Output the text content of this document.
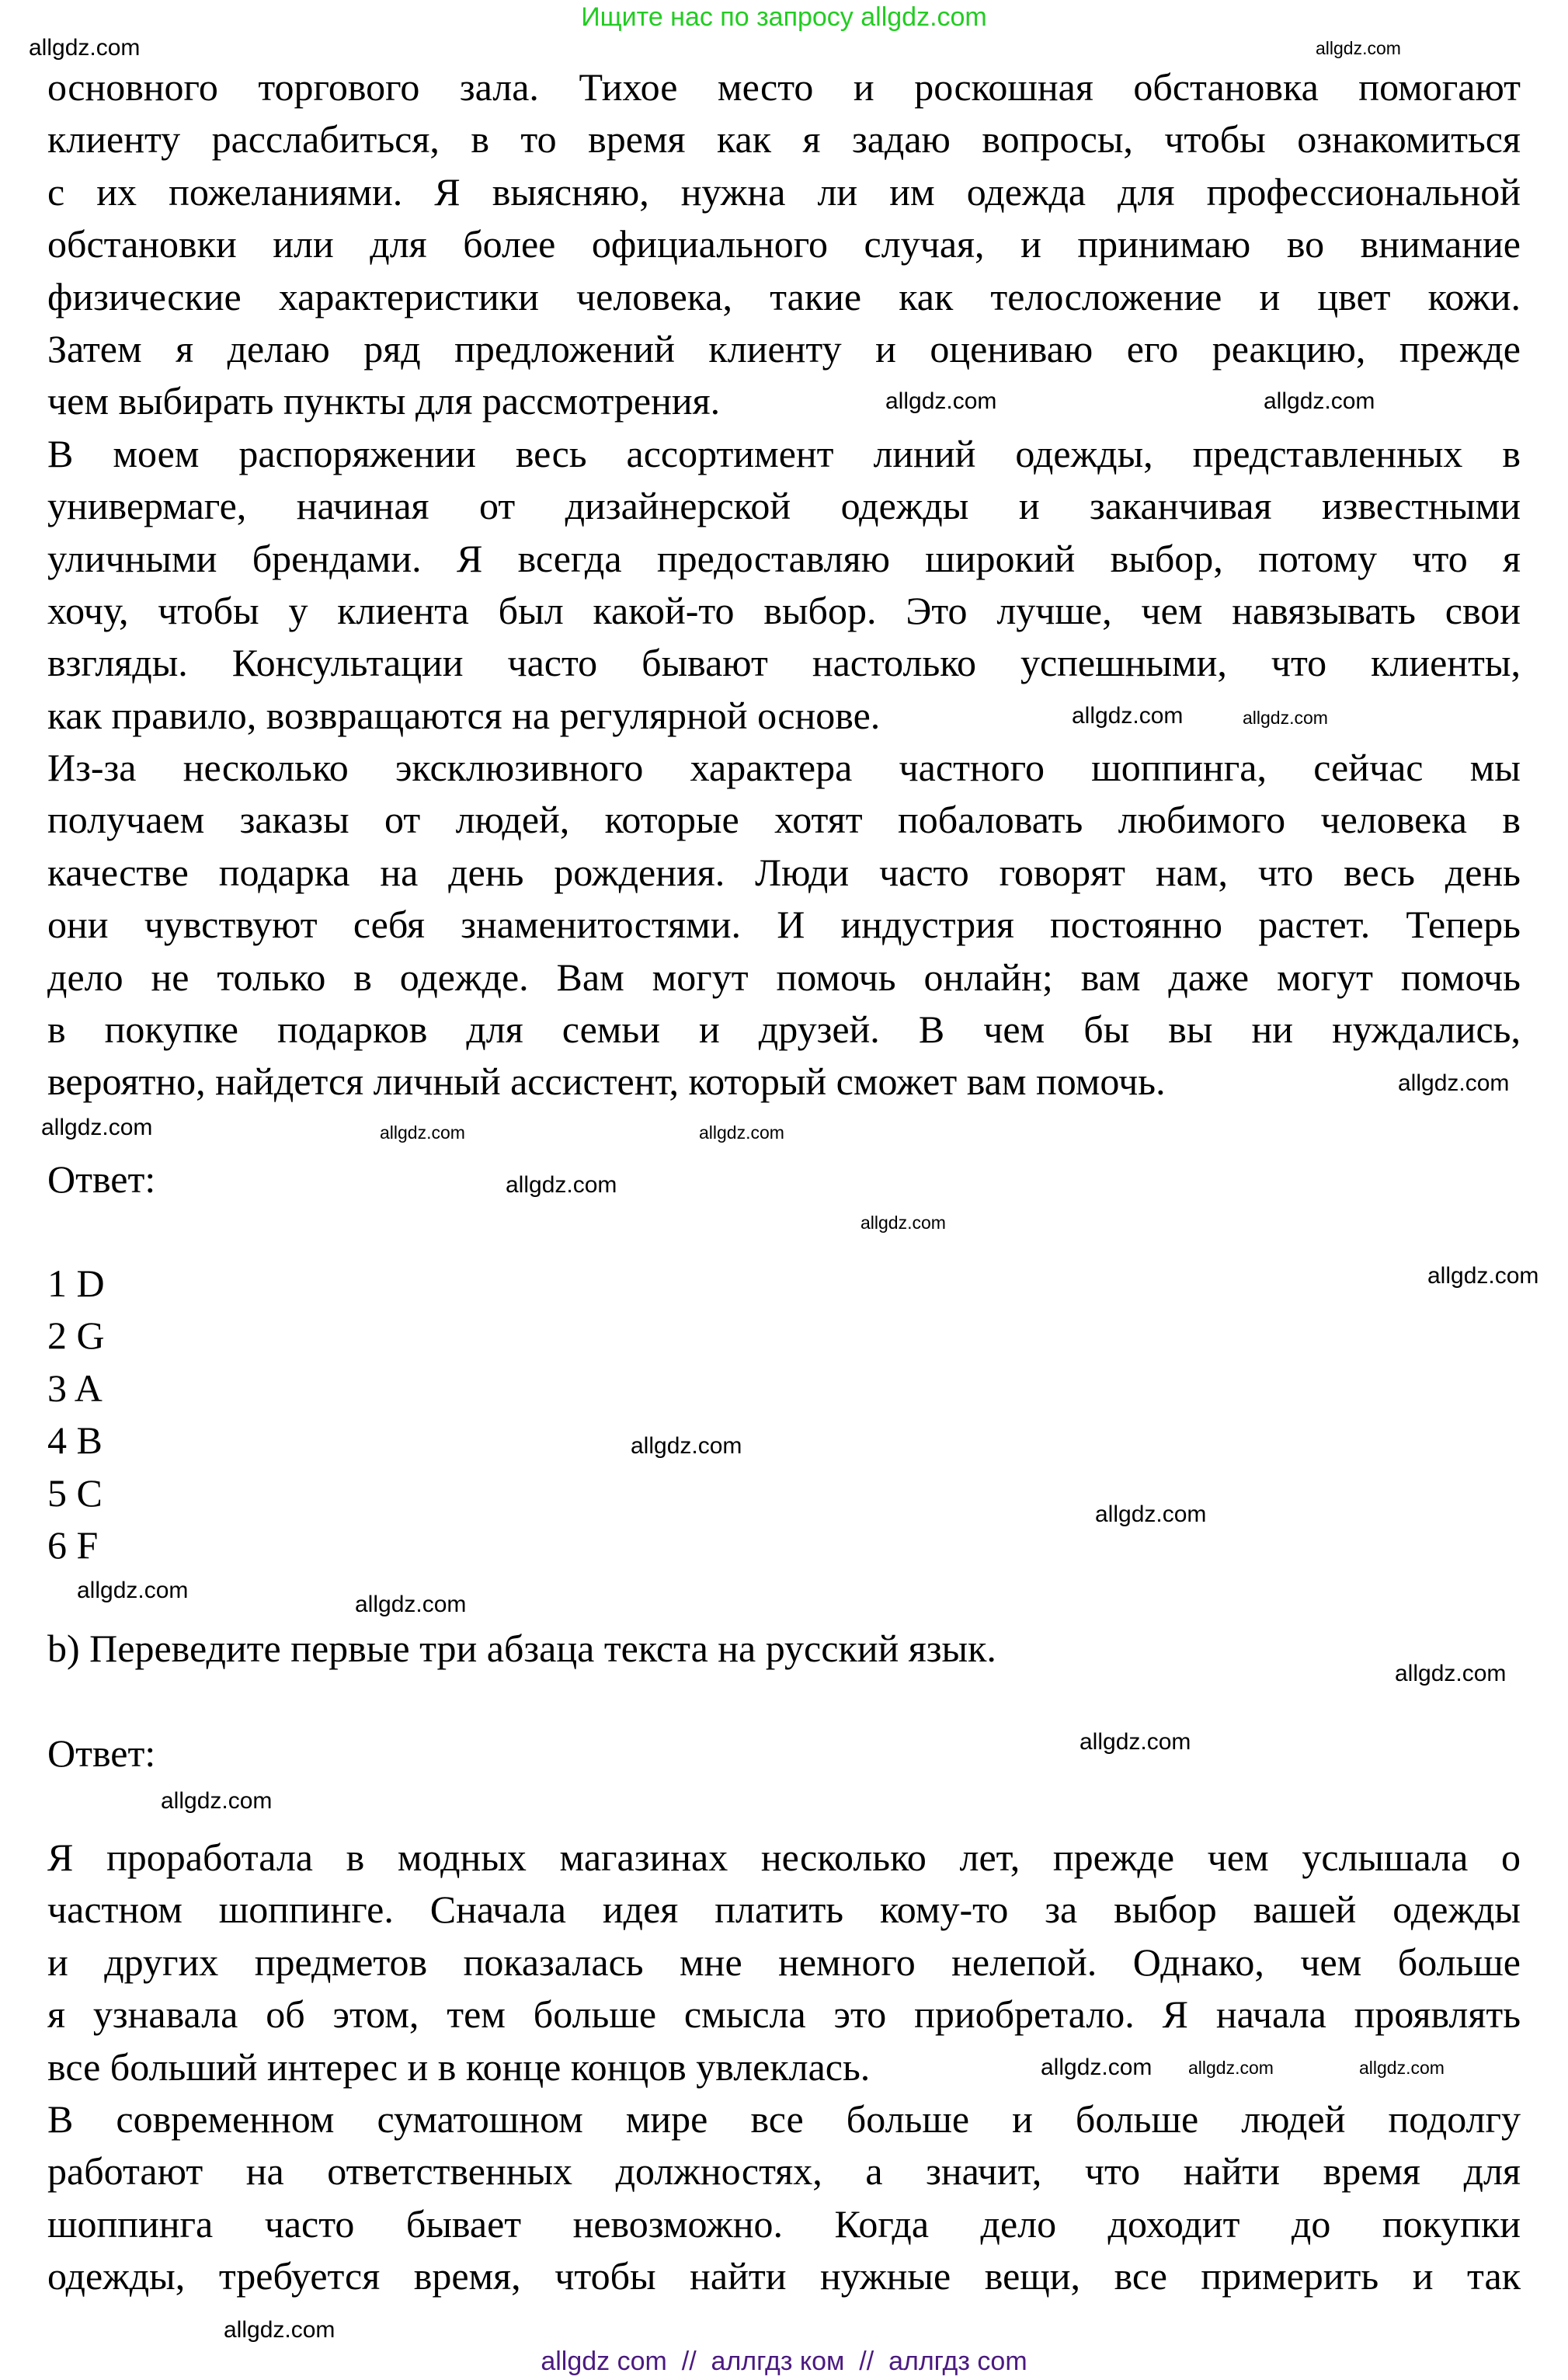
Ищите нас по запросу allgdz.com
основного торгового зала. Тихое место и роскошная обстановка помогают
клиенту расслабиться, в то время как я задаю вопросы, чтобы ознакомиться
с их пожеланиями. Я выясняю, нужна ли им одежда для профессиональной
обстановки или для более официального случая, и принимаю во внимание
физические характеристики человека, такие как телосложение и цвет кожи.
Затем я делаю ряд предложений клиенту и оцениваю его реакцию, прежде
чем выбирать пункты для рассмотрения.
В моем распоряжении весь ассортимент линий одежды, представленных в
универмаге, начиная от дизайнерской одежды и заканчивая известными
уличными брендами. Я всегда предоставляю широкий выбор, потому что я
хочу, чтобы у клиента был какой-то выбор. Это лучше, чем навязывать свои
взгляды. Консультации часто бывают настолько успешными, что клиенты,
как правило, возвращаются на регулярной основе.
Из-за несколько эксклюзивного характера частного шоппинга, сейчас мы
получаем заказы от людей, которые хотят побаловать любимого человека в
качестве подарка на день рождения. Люди часто говорят нам, что весь день
они чувствуют себя знаменитостями. И индустрия постоянно растет. Теперь
дело не только в одежде. Вам могут помочь онлайн; вам даже могут помочь
в покупке подарков для семьи и друзей. В чем бы вы ни нуждались,
вероятно, найдется личный ассистент, который сможет вам помочь.
Ответ:
1 D
2 G
3 A
4 B
5 C
6 F
b) Переведите первые три абзаца текста на русский язык.
Ответ:
Я проработала в модных магазинах несколько лет, прежде чем услышала о
частном шоппинге. Сначала идея платить кому-то за выбор вашей одежды
и других предметов показалась мне немного нелепой. Однако, чем больше
я узнавала об этом, тем больше смысла это приобретало. Я начала проявлять
все больший интерес и в конце концов увлеклась.
В современном суматошном мире все больше и больше людей подолгу
работают на ответственных должностях, а значит, что найти время для
шоппинга часто бывает невозможно. Когда дело доходит до покупки
одежды, требуется время, чтобы найти нужные вещи, все примерить и так
allgdz.com	allgdz.com
allgdz.com
allgdz.com	allgdz.com
allgdz.com
allgdz.com
allgdz.com
allgdz.com
allgdz.com
allgdz.com
allgdz.com
allgdz.com
allgdz.com
allgdz.com
allgdz.com
allgdz.com
allgdz.com
allgdz.com
allgdz.com
allgdz.com
allgdz.com	allgdz.com
allgdz.com
allgdz com  //  аллгдз ком  //  аллгдз com
